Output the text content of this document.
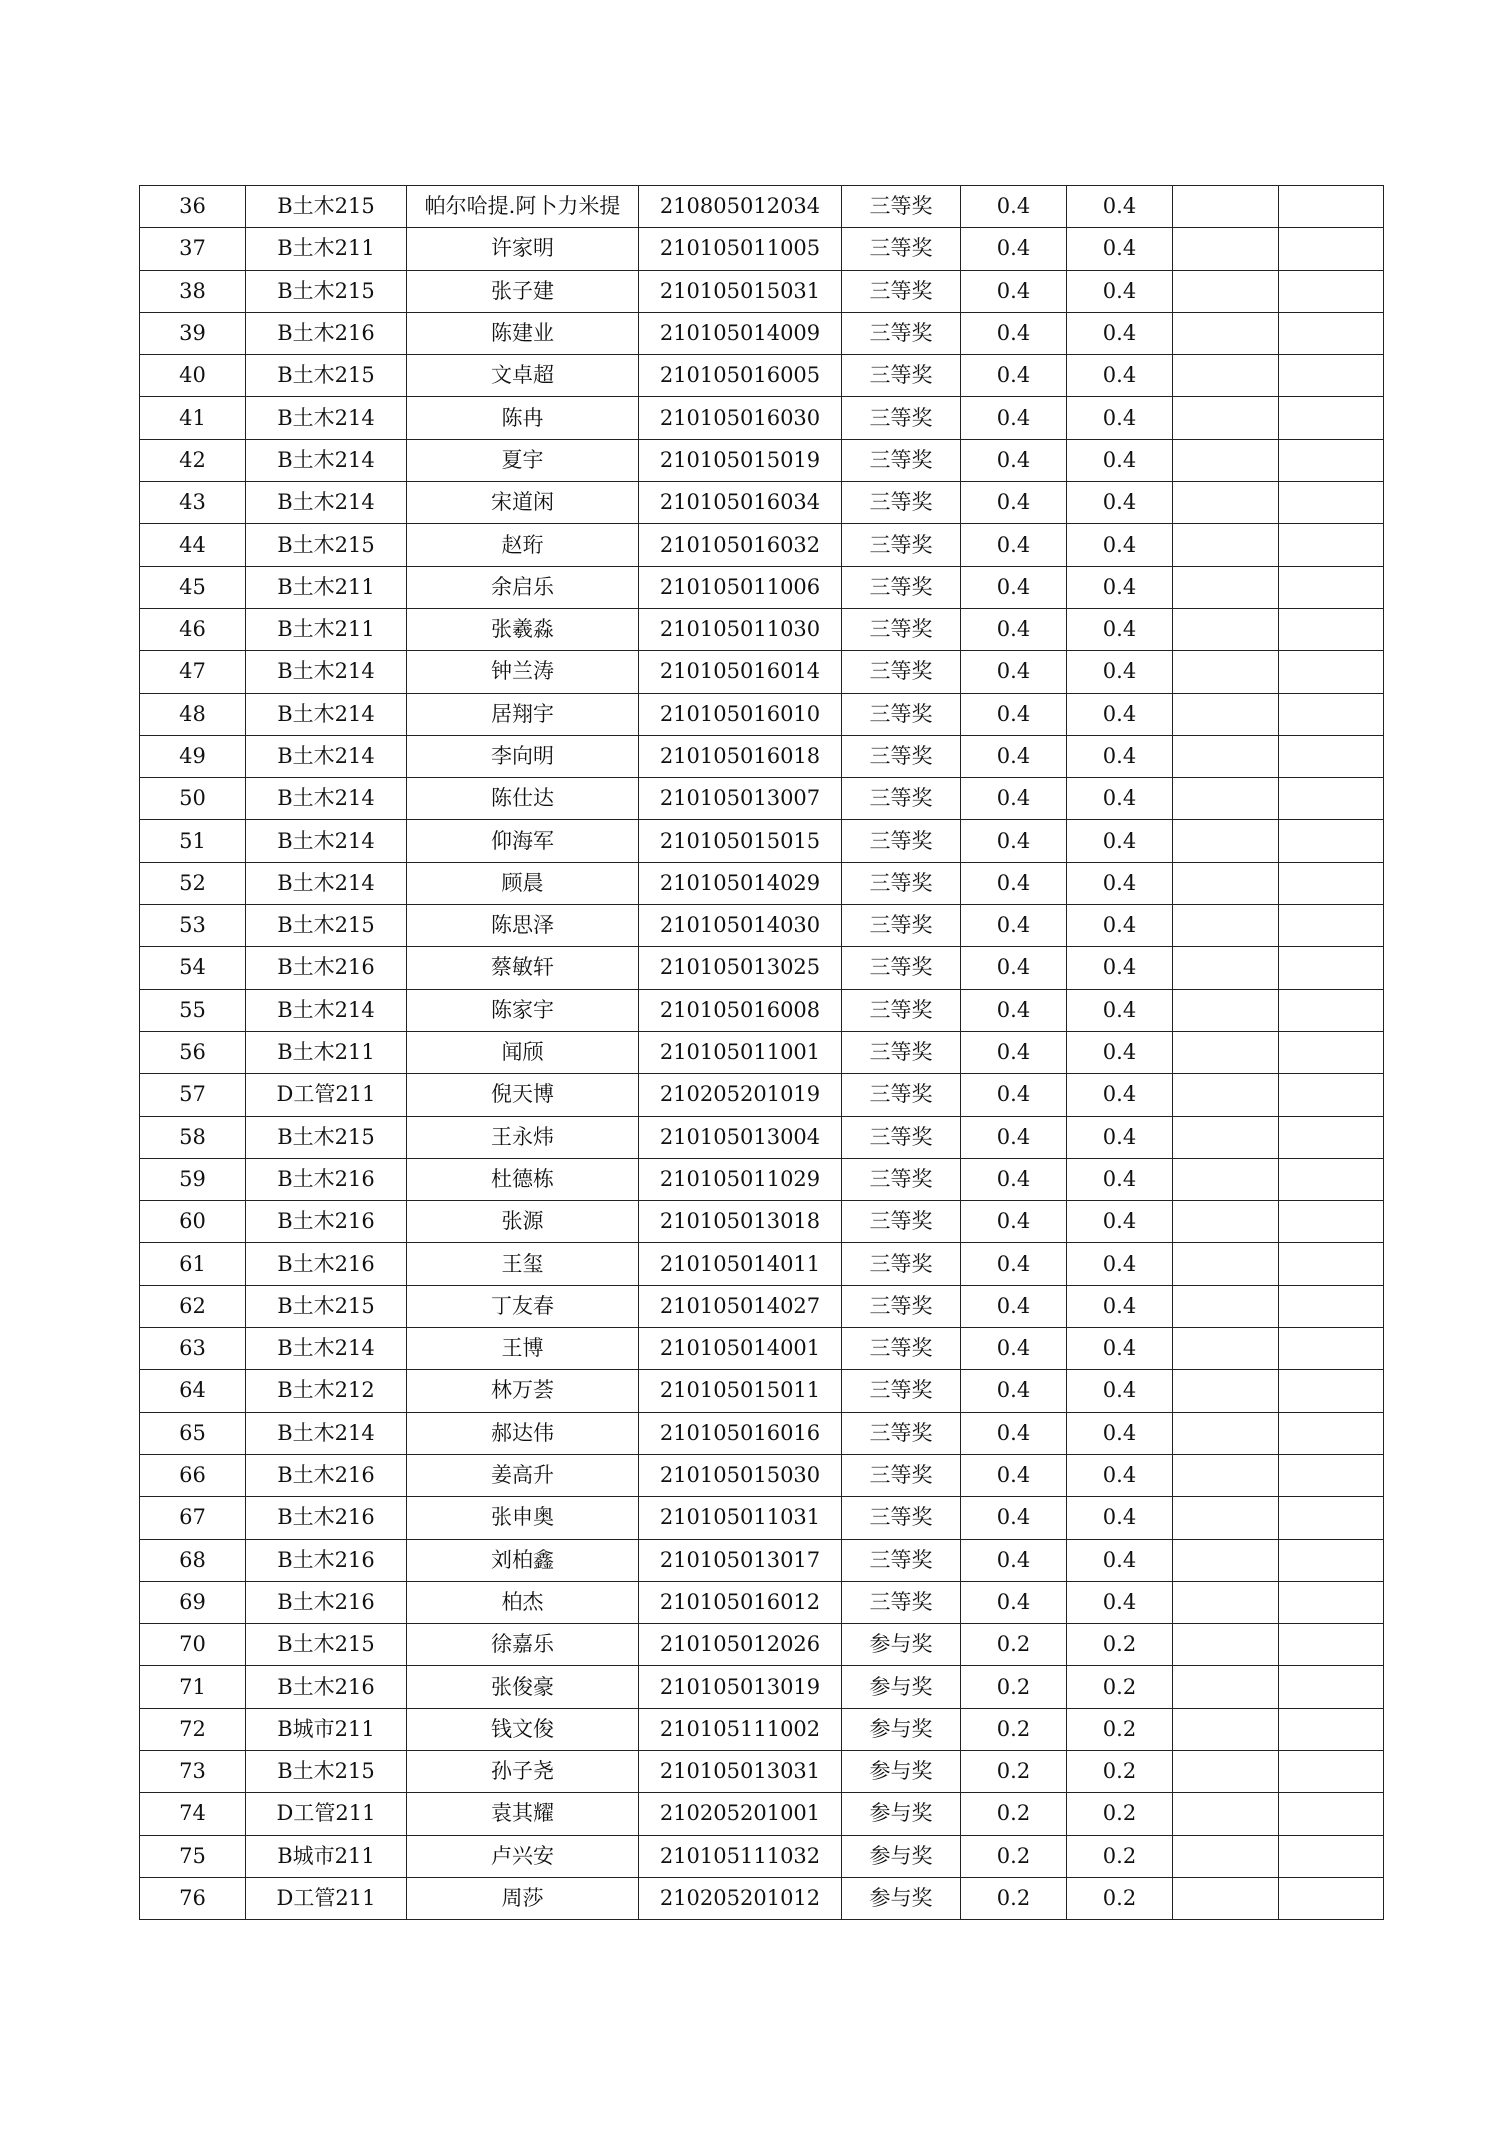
36	B土木215	帕尔哈提.阿卜力米提	210805012034	三等奖	0.4	0.4		
37	B土木211	许家明	210105011005	三等奖	0.4	0.4		
38	B土木215	张子建	210105015031	三等奖	0.4	0.4		
39	B土木216	陈建业	210105014009	三等奖	0.4	0.4		
40	B土木215	文卓超	210105016005	三等奖	0.4	0.4		
41	B土木214	陈冉	210105016030	三等奖	0.4	0.4		
42	B土木214	夏宇	210105015019	三等奖	0.4	0.4		
43	B土木214	宋道闲	210105016034	三等奖	0.4	0.4		
44	B土木215	赵珩	210105016032	三等奖	0.4	0.4		
45	B土木211	余启乐	210105011006	三等奖	0.4	0.4		
46	B土木211	张羲淼	210105011030	三等奖	0.4	0.4		
47	B土木214	钟兰涛	210105016014	三等奖	0.4	0.4		
48	B土木214	居翔宇	210105016010	三等奖	0.4	0.4		
49	B土木214	李向明	210105016018	三等奖	0.4	0.4		
50	B土木214	陈仕达	210105013007	三等奖	0.4	0.4		
51	B土木214	仰海军	210105015015	三等奖	0.4	0.4		
52	B土木214	顾晨	210105014029	三等奖	0.4	0.4		
53	B土木215	陈思泽	210105014030	三等奖	0.4	0.4		
54	B土木216	蔡敏轩	210105013025	三等奖	0.4	0.4		
55	B土木214	陈家宇	210105016008	三等奖	0.4	0.4		
56	B土木211	闻颀	210105011001	三等奖	0.4	0.4		
57	D工管211	倪天博	210205201019	三等奖	0.4	0.4		
58	B土木215	王永炜	210105013004	三等奖	0.4	0.4		
59	B土木216	杜德栋	210105011029	三等奖	0.4	0.4		
60	B土木216	张源	210105013018	三等奖	0.4	0.4		
61	B土木216	王玺	210105014011	三等奖	0.4	0.4		
62	B土木215	丁友春	210105014027	三等奖	0.4	0.4		
63	B土木214	王博	210105014001	三等奖	0.4	0.4		
64	B土木212	林万荟	210105015011	三等奖	0.4	0.4		
65	B土木214	郝达伟	210105016016	三等奖	0.4	0.4		
66	B土木216	姜高升	210105015030	三等奖	0.4	0.4		
67	B土木216	张申奥	210105011031	三等奖	0.4	0.4		
68	B土木216	刘柏鑫	210105013017	三等奖	0.4	0.4		
69	B土木216	柏杰	210105016012	三等奖	0.4	0.4		
70	B土木215	徐嘉乐	210105012026	参与奖	0.2	0.2		
71	B土木216	张俊豪	210105013019	参与奖	0.2	0.2		
72	B城市211	钱文俊	210105111002	参与奖	0.2	0.2		
73	B土木215	孙子尧	210105013031	参与奖	0.2	0.2		
74	D工管211	袁其耀	210205201001	参与奖	0.2	0.2		
75	B城市211	卢兴安	210105111032	参与奖	0.2	0.2		
76	D工管211	周莎	210205201012	参与奖	0.2	0.2		
